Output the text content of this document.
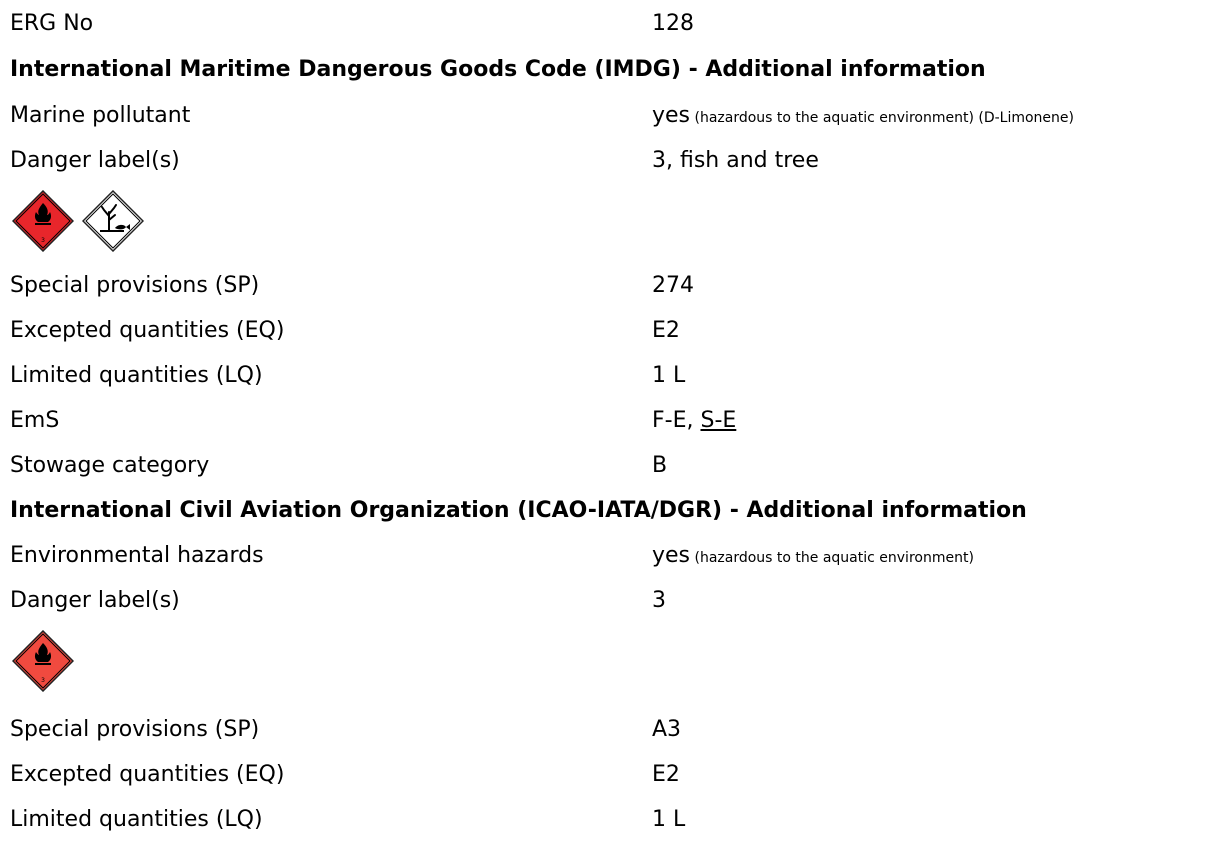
ERG No	128
International Maritime Dangerous Goods Code (IMDG) - Additional information
Marine pollutant	yes (hazardous to the aquatic environment) (D-Limonene)
Danger label(s)	3, fish and tree
3
Special provisions (SP)	274
Excepted quantities (EQ)	E2
Limited quantities (LQ)	1 L
EmS	F-E, S-E
Stowage category	B
International Civil Aviation Organization (ICAO-IATA/DGR) - Additional information
Environmental hazards	yes (hazardous to the aquatic environment)
Danger label(s)	3
3
Special provisions (SP)	A3
Excepted quantities (EQ)	E2
Limited quantities (LQ)	1 L
